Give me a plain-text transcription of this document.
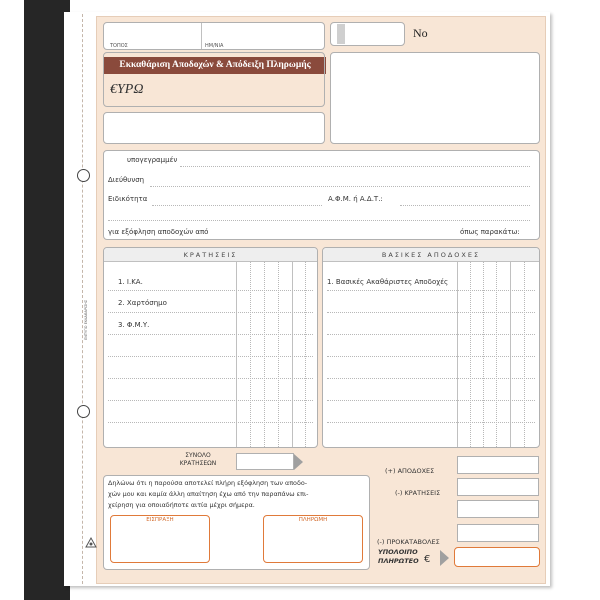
ΕΝΤΥΠΟ ΕΚΚΑΘΑΡΙΣΗΣ
ΤΟΠΟΣ	ΗΜ/ΝΙΑ
Εκκαθάριση Αποδοχών & Απόδειξη Πληρωμής
€ΥΡΩ
Νο
υπογεγραμμέν
Διεύθυνση
Ειδικότητα	Α.Φ.Μ. ή Α.Δ.Τ.:
για εξόφληση αποδοχών από	όπως παρακάτω:
ΚΡΑΤΗΣΕΙΣ
1. Ι.ΚΑ.
2. Χαρτόσημο
3. Φ.Μ.Υ.
ΒΑΣΙΚΕΣ ΑΠΟΔΟΧΕΣ
1. Βασικές Ακαθάριστες Αποδοχές
ΣΥΝΟΛΟ
ΚΡΑΤΗΣΕΩΝ
Δηλώνω ότι η παρούσα αποτελεί πλήρη εξόφληση των αποδο-
χών μου και καμία άλλη απαίτηση έχω από την παραπάνω επι-
χείρηση για οποιαδήποτε αιτία μέχρι σήμερα.
ΕΙΣΠΡΑΞΗ	ΠΛΗΡΩΜΗ
(+) ΑΠΟΔΟΧΕΣ
(-) ΚΡΑΤΗΣΕΙΣ
(-) ΠΡΟΚΑΤΑΒΟΛΕΣ
ΥΠΟΛΟΙΠΟ
ΠΛΗΡΩΤΕΟ €
